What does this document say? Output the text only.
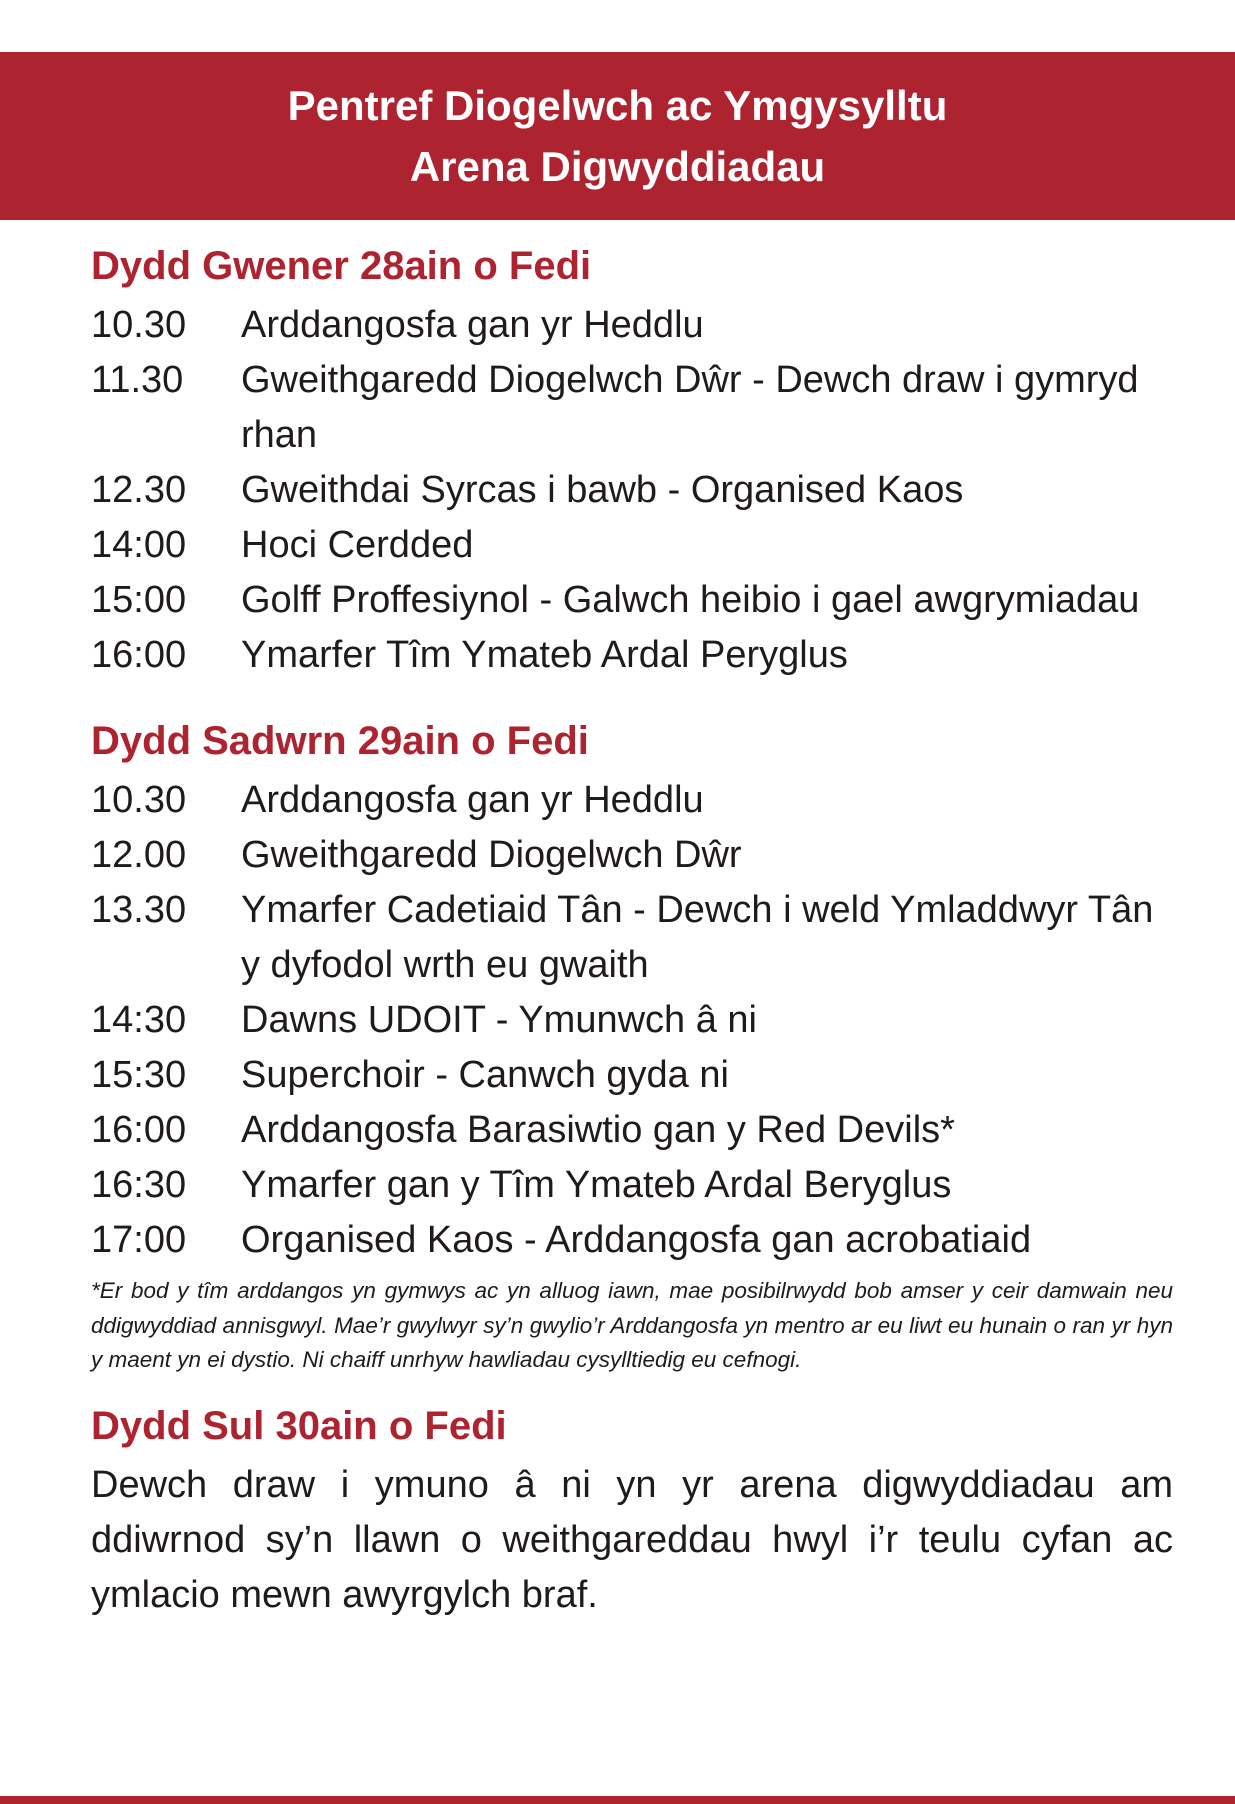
Pentref Diogelwch ac Ymgysylltu
Arena Digwyddiadau
Dydd Gwener 28ain o Fedi
10.30	Arddangosfa gan yr Heddlu
11.30	Gweithgaredd Diogelwch Dŵr - Dewch draw i gymryd rhan
12.30	Gweithdai Syrcas i bawb - Organised Kaos
14:00	Hoci Cerdded
15:00	Golff Proffesiynol - Galwch heibio i gael awgrymiadau
16:00	Ymarfer Tîm Ymateb Ardal Peryglus
Dydd Sadwrn 29ain o Fedi
10.30	Arddangosfa gan yr Heddlu
12.00	Gweithgaredd Diogelwch Dŵr
13.30	Ymarfer Cadetiaid Tân - Dewch i weld Ymladdwyr Tân y dyfodol wrth eu gwaith
14:30	Dawns UDOIT - Ymunwch â ni
15:30	Superchoir - Canwch gyda ni
16:00	Arddangosfa Barasiwtio gan y Red Devils*
16:30	Ymarfer gan y Tîm Ymateb Ardal Beryglus
17:00	Organised Kaos - Arddangosfa gan acrobatiaid

*Er bod y tîm arddangos yn gymwys ac yn alluog iawn, mae posibilrwydd bob amser y ceir damwain neu ddigwyddiad annisgwyl. Mae’r gwylwyr sy’n gwylio’r Arddangosfa yn mentro ar eu liwt eu hunain o ran yr hyn y maent yn ei dystio. Ni chaiff unrhyw hawliadau cysylltiedig eu cefnogi.

Dydd Sul 30ain o Fedi

Dewch draw i ymuno â ni yn yr arena digwyddiadau am ddiwrnod sy’n llawn o weithgareddau hwyl i’r teulu cyfan ac ymlacio mewn awyrgylch braf.
